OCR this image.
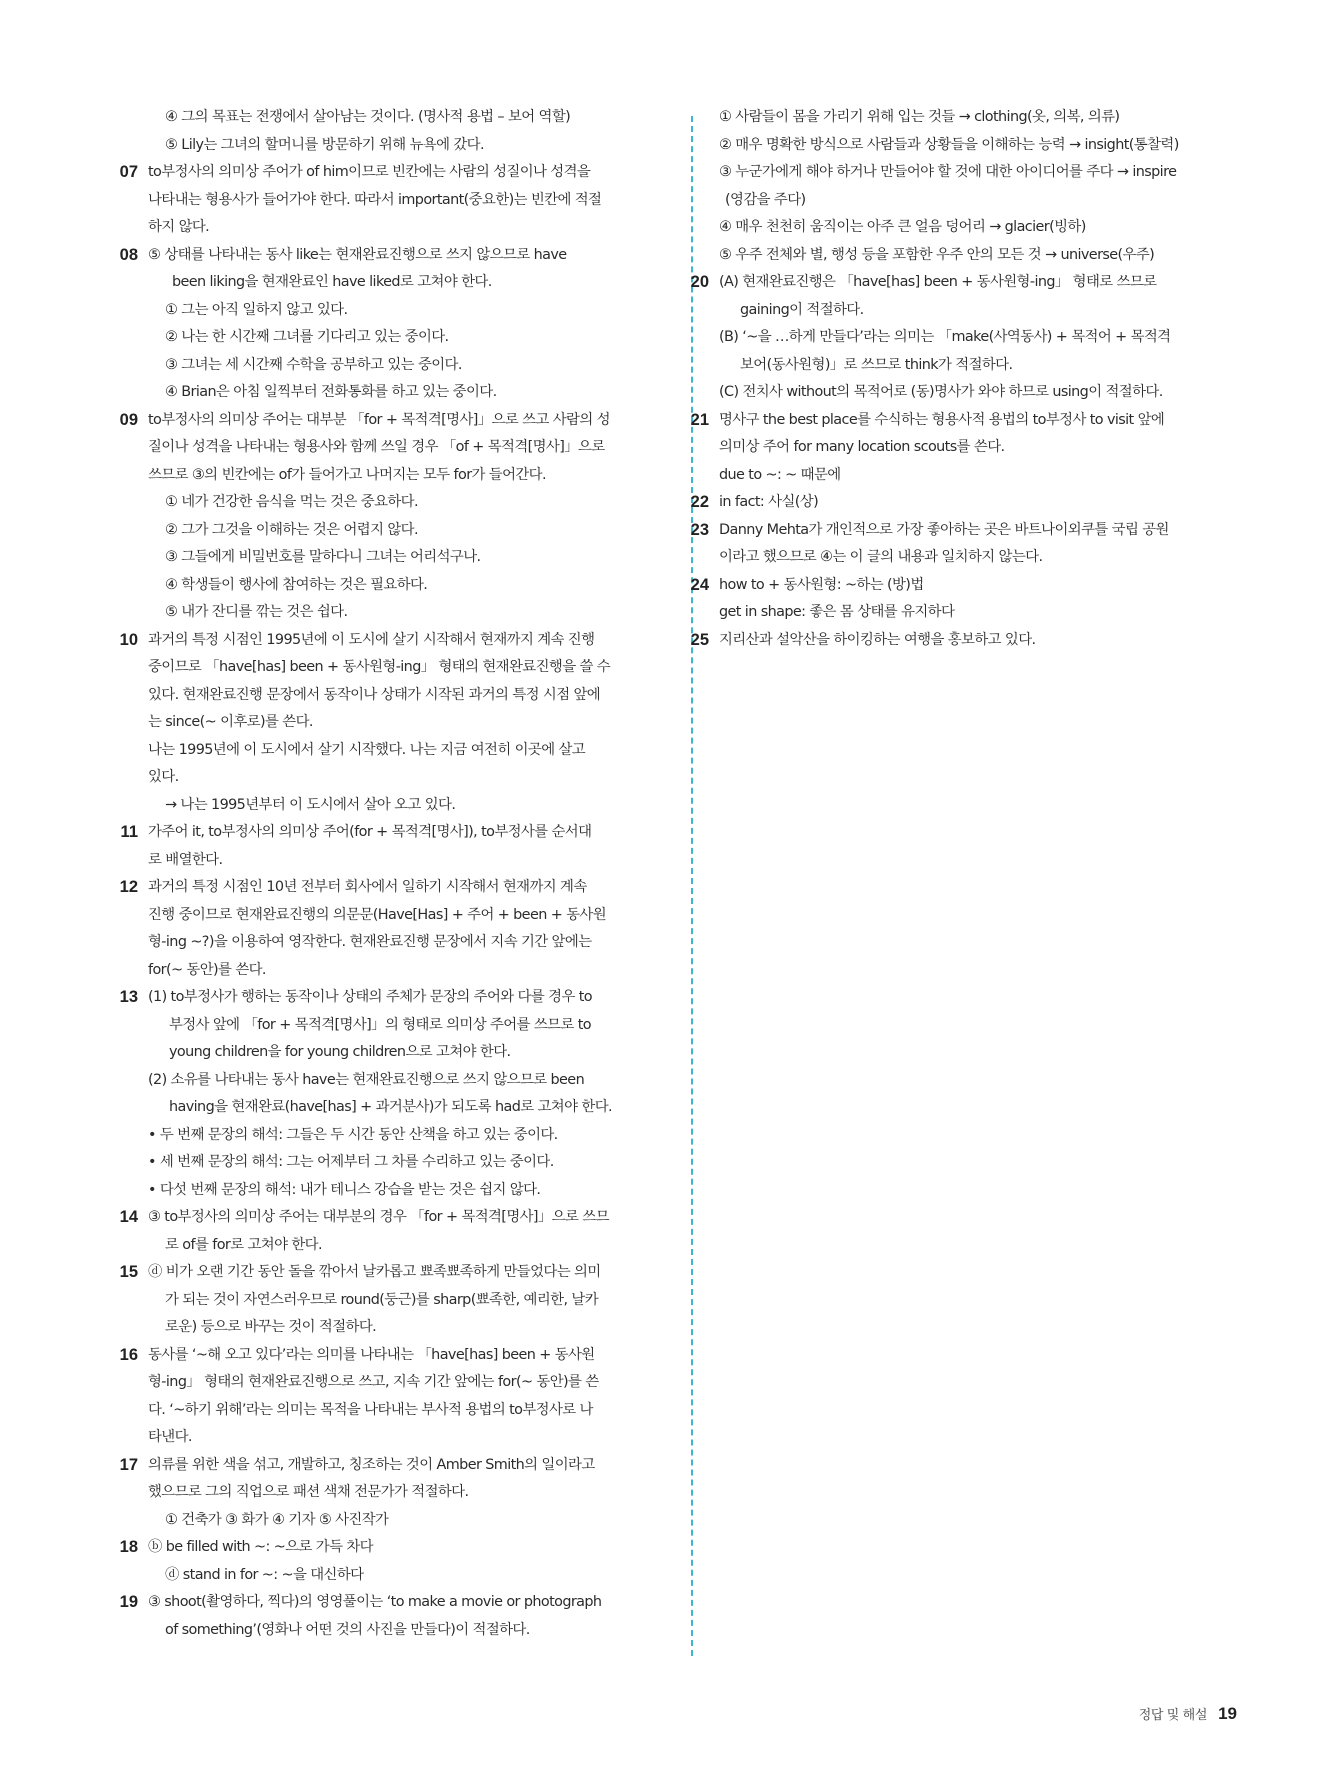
④ 그의 목표는 전쟁에서 살아남는 것이다. (명사적 용법 – 보어 역할)
⑤ Lily는 그녀의 할머니를 방문하기 위해 뉴욕에 갔다.
07 to부정사의 의미상 주어가 of him이므로 빈칸에는 사람의 성질이나 성격을
나타내는 형용사가 들어가야 한다. 따라서 important(중요한)는 빈칸에 적절
하지 않다.
08 ⑤ 상태를 나타내는 동사 like는 현재완료진행으로 쓰지 않으므로 have
been liking을 현재완료인 have liked로 고쳐야 한다.
① 그는 아직 일하지 않고 있다.
② 나는 한 시간째 그녀를 기다리고 있는 중이다.
③ 그녀는 세 시간째 수학을 공부하고 있는 중이다.
④ Brian은 아침 일찍부터 전화통화를 하고 있는 중이다.
09 to부정사의 의미상 주어는 대부분 「for + 목적격[명사]」으로 쓰고 사람의 성
질이나 성격을 나타내는 형용사와 함께 쓰일 경우 「of + 목적격[명사]」으로
쓰므로 ③의 빈칸에는 of가 들어가고 나머지는 모두 for가 들어간다.
① 네가 건강한 음식을 먹는 것은 중요하다.
② 그가 그것을 이해하는 것은 어렵지 않다.
③ 그들에게 비밀번호를 말하다니 그녀는 어리석구나.
④ 학생들이 행사에 참여하는 것은 필요하다.
⑤ 내가 잔디를 깎는 것은 쉽다.
10 과거의 특정 시점인 1995년에 이 도시에 살기 시작해서 현재까지 계속 진행
중이므로 「have[has] been + 동사원형-ing」 형태의 현재완료진행을 쓸 수
있다. 현재완료진행 문장에서 동작이나 상태가 시작된 과거의 특정 시점 앞에
는 since(~ 이후로)를 쓴다.
나는 1995년에 이 도시에서 살기 시작했다. 나는 지금 여전히 이곳에 살고
있다.
→ 나는 1995년부터 이 도시에서 살아 오고 있다.
11 가주어 it, to부정사의 의미상 주어(for + 목적격[명사]), to부정사를 순서대
로 배열한다.
12 과거의 특정 시점인 10년 전부터 회사에서 일하기 시작해서 현재까지 계속
진행 중이므로 현재완료진행의 의문문(Have[Has] + 주어 + been + 동사원
형-ing ~?)을 이용하여 영작한다. 현재완료진행 문장에서 지속 기간 앞에는
for(~ 동안)를 쓴다.
13 (1) to부정사가 행하는 동작이나 상태의 주체가 문장의 주어와 다를 경우 to
부정사 앞에 「for + 목적격[명사]」의 형태로 의미상 주어를 쓰므로 to
young children을 for young children으로 고쳐야 한다.
(2) 소유를 나타내는 동사 have는 현재완료진행으로 쓰지 않으므로 been
having을 현재완료(have[has] + 과거분사)가 되도록 had로 고쳐야 한다.
• 두 번째 문장의 해석: 그들은 두 시간 동안 산책을 하고 있는 중이다.
• 세 번째 문장의 해석: 그는 어제부터 그 차를 수리하고 있는 중이다.
• 다섯 번째 문장의 해석: 내가 테니스 강습을 받는 것은 쉽지 않다.
14 ③ to부정사의 의미상 주어는 대부분의 경우 「for + 목적격[명사]」으로 쓰므
로 of를 for로 고쳐야 한다.
15 ⓓ 비가 오랜 기간 동안 돌을 깎아서 날카롭고 뾰족뾰족하게 만들었다는 의미
가 되는 것이 자연스러우므로 round(둥근)를 sharp(뾰족한, 예리한, 날카
로운) 등으로 바꾸는 것이 적절하다.
16 동사를 ‘~해 오고 있다’라는 의미를 나타내는 「have[has] been + 동사원
형-ing」 형태의 현재완료진행으로 쓰고, 지속 기간 앞에는 for(~ 동안)를 쓴
다. ‘~하기 위해’라는 의미는 목적을 나타내는 부사적 용법의 to부정사로 나
타낸다.
17 의류를 위한 색을 섞고, 개발하고, 칭조하는 것이 Amber Smith의 일이라고
했으므로 그의 직업으로 패션 색채 전문가가 적절하다.
① 건축가 ③ 화가 ④ 기자 ⑤ 사진작가
18 ⓑ be filled with ~: ~으로 가득 차다
ⓓ stand in for ~: ~을 대신하다
19 ③ shoot(촬영하다, 찍다)의 영영풀이는 ‘to make a movie or photograph
of something’(영화나 어떤 것의 사진을 만들다)이 적절하다.
① 사람들이 몸을 가리기 위해 입는 것들 → clothing(옷, 의복, 의류)
② 매우 명확한 방식으로 사람들과 상황들을 이해하는 능력 → insight(통찰력)
③ 누군가에게 해야 하거나 만들어야 할 것에 대한 아이디어를 주다 → inspire
(영감을 주다)
④ 매우 천천히 움직이는 아주 큰 얼음 덩어리 → glacier(빙하)
⑤ 우주 전체와 별, 행성 등을 포함한 우주 안의 모든 것 → universe(우주)
20 (A) 현재완료진행은 「have[has] been + 동사원형-ing」 형태로 쓰므로
gaining이 적절하다.
(B) ‘~을 …하게 만들다’라는 의미는 「make(사역동사) + 목적어 + 목적격
보어(동사원형)」로 쓰므로 think가 적절하다.
(C) 전치사 without의 목적어로 (동)명사가 와야 하므로 using이 적절하다.
21 명사구 the best place를 수식하는 형용사적 용법의 to부정사 to visit 앞에
의미상 주어 for many location scouts를 쓴다.
due to ~: ~ 때문에
22 in fact: 사실(상)
23 Danny Mehta가 개인적으로 가장 좋아하는 곳은 바트나이외쿠틀 국립 공원
이라고 했으므로 ④는 이 글의 내용과 일치하지 않는다.
24 how to + 동사원형: ~하는 (방)법
get in shape: 좋은 몸 상태를 유지하다
25 지리산과 설악산을 하이킹하는 여행을 홍보하고 있다.
정답 및 해설 19
